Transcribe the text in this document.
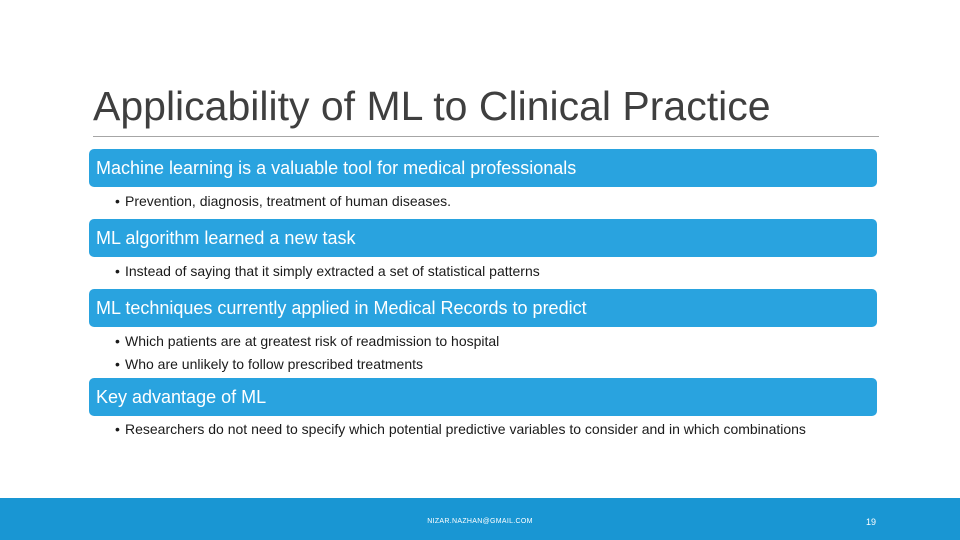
Applicability of ML to Clinical Practice
Machine learning is a valuable tool for medical professionals
• Prevention, diagnosis, treatment of human diseases.
ML algorithm learned a new task
• Instead of saying that it simply extracted a set of statistical patterns
ML techniques currently applied in Medical Records to predict
• Which patients are at greatest risk of readmission to hospital
• Who are unlikely to follow prescribed treatments
Key advantage of ML
• Researchers do not need to specify which potential predictive variables to consider and in which combinations
NIZAR.NAZHAN@GMAIL.COM	19
